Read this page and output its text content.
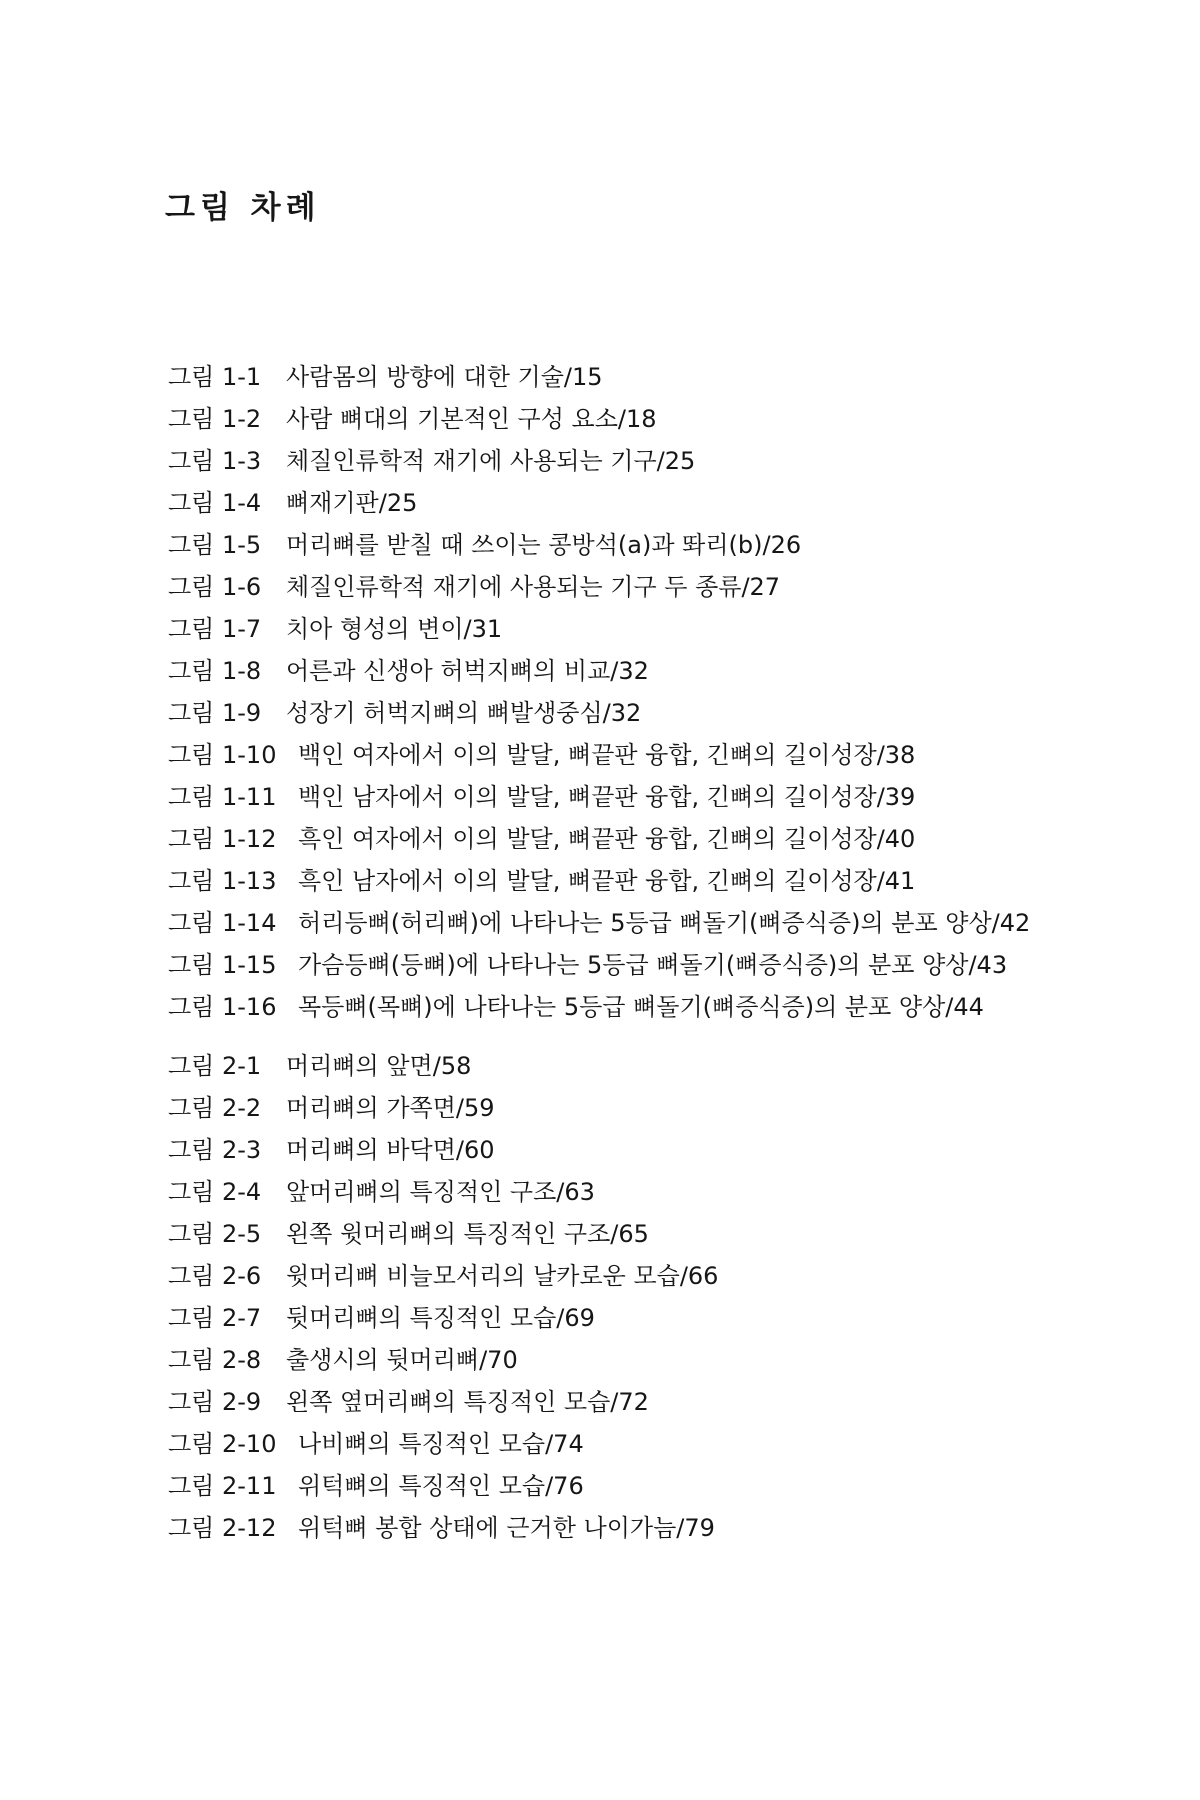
그림 차례
그림 1-1	사람몸의 방향에 대한 기술/15
그림 1-2	사람 뼈대의 기본적인 구성 요소/18
그림 1-3	체질인류학적 재기에 사용되는 기구/25
그림 1-4	뼈재기판/25
그림 1-5	머리뼈를 받칠 때 쓰이는 콩방석(a)과 똬리(b)/26
그림 1-6	체질인류학적 재기에 사용되는 기구 두 종류/27
그림 1-7	치아 형성의 변이/31
그림 1-8	어른과 신생아 허벅지뼈의 비교/32
그림 1-9	성장기 허벅지뼈의 뼈발생중심/32
그림 1-10 백인 여자에서 이의 발달, 뼈끝판 융합, 긴뼈의 길이성장/38
그림 1-11 백인 남자에서 이의 발달, 뼈끝판 융합, 긴뼈의 길이성장/39
그림 1-12 흑인 여자에서 이의 발달, 뼈끝판 융합, 긴뼈의 길이성장/40
그림 1-13 흑인 남자에서 이의 발달, 뼈끝판 융합, 긴뼈의 길이성장/41
그림 1-14 허리등뼈(허리뼈)에 나타나는 5등급 뼈돌기(뼈증식증)의 분포 양상/42
그림 1-15 가슴등뼈(등뼈)에 나타나는 5등급 뼈돌기(뼈증식증)의 분포 양상/43
그림 1-16 목등뼈(목뼈)에 나타나는 5등급 뼈돌기(뼈증식증)의 분포 양상/44
그림 2-1	머리뼈의 앞면/58
그림 2-2	머리뼈의 가쪽면/59
그림 2-3	머리뼈의 바닥면/60
그림 2-4	앞머리뼈의 특징적인 구조/63
그림 2-5	왼쪽 윗머리뼈의 특징적인 구조/65
그림 2-6	윗머리뼈 비늘모서리의 날카로운 모습/66
그림 2-7	뒷머리뼈의 특징적인 모습/69
그림 2-8	출생시의 뒷머리뼈/70
그림 2-9	왼쪽 옆머리뼈의 특징적인 모습/72
그림 2-10 나비뼈의 특징적인 모습/74
그림 2-11 위턱뼈의 특징적인 모습/76
그림 2-12 위턱뼈 봉합 상태에 근거한 나이가늠/79
